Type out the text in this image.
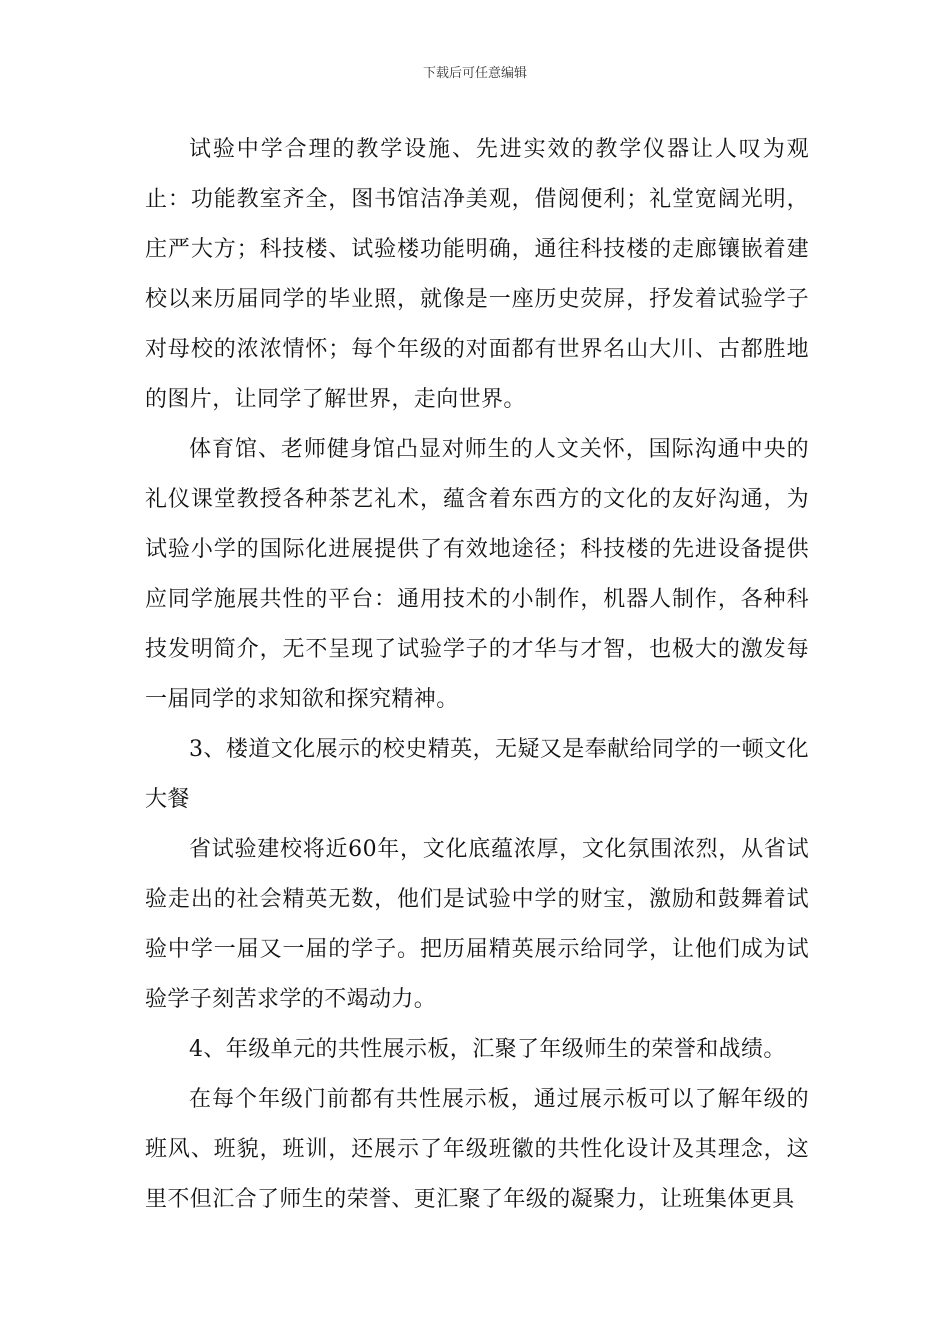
下载后可任意编辑

试验中学合理的教学设施、先进实效的教学仪器让人叹为观止：功能教室齐全，图书馆洁净美观，借阅便利；礼堂宽阔光明，庄严大方；科技楼、试验楼功能明确，通往科技楼的走廊镶嵌着建校以来历届同学的毕业照，就像是一座历史荧屏，抒发着试验学子对母校的浓浓情怀；每个年级的对面都有世界名山大川、古都胜地的图片，让同学了解世界，走向世界。

体育馆、老师健身馆凸显对师生的人文关怀，国际沟通中央的礼仪课堂教授各种茶艺礼术，蕴含着东西方的文化的友好沟通，为试验小学的国际化进展提供了有效地途径；科技楼的先进设备提供应同学施展共性的平台：通用技术的小制作，机器人制作，各种科技发明简介，无不呈现了试验学子的才华与才智，也极大的激发每一届同学的求知欲和探究精神。

3、楼道文化展示的校史精英，无疑又是奉献给同学的一顿文化大餐

省试验建校将近60年，文化底蕴浓厚，文化氛围浓烈，从省试验走出的社会精英无数，他们是试验中学的财宝，激励和鼓舞着试验中学一届又一届的学子。把历届精英展示给同学，让他们成为试验学子刻苦求学的不竭动力。

4、年级单元的共性展示板，汇聚了年级师生的荣誉和战绩。

在每个年级门前都有共性展示板，通过展示板可以了解年级的班风、班貌，班训，还展示了年级班徽的共性化设计及其理念，这里不但汇合了师生的荣誉、更汇聚了年级的凝聚力，让班集体更具
